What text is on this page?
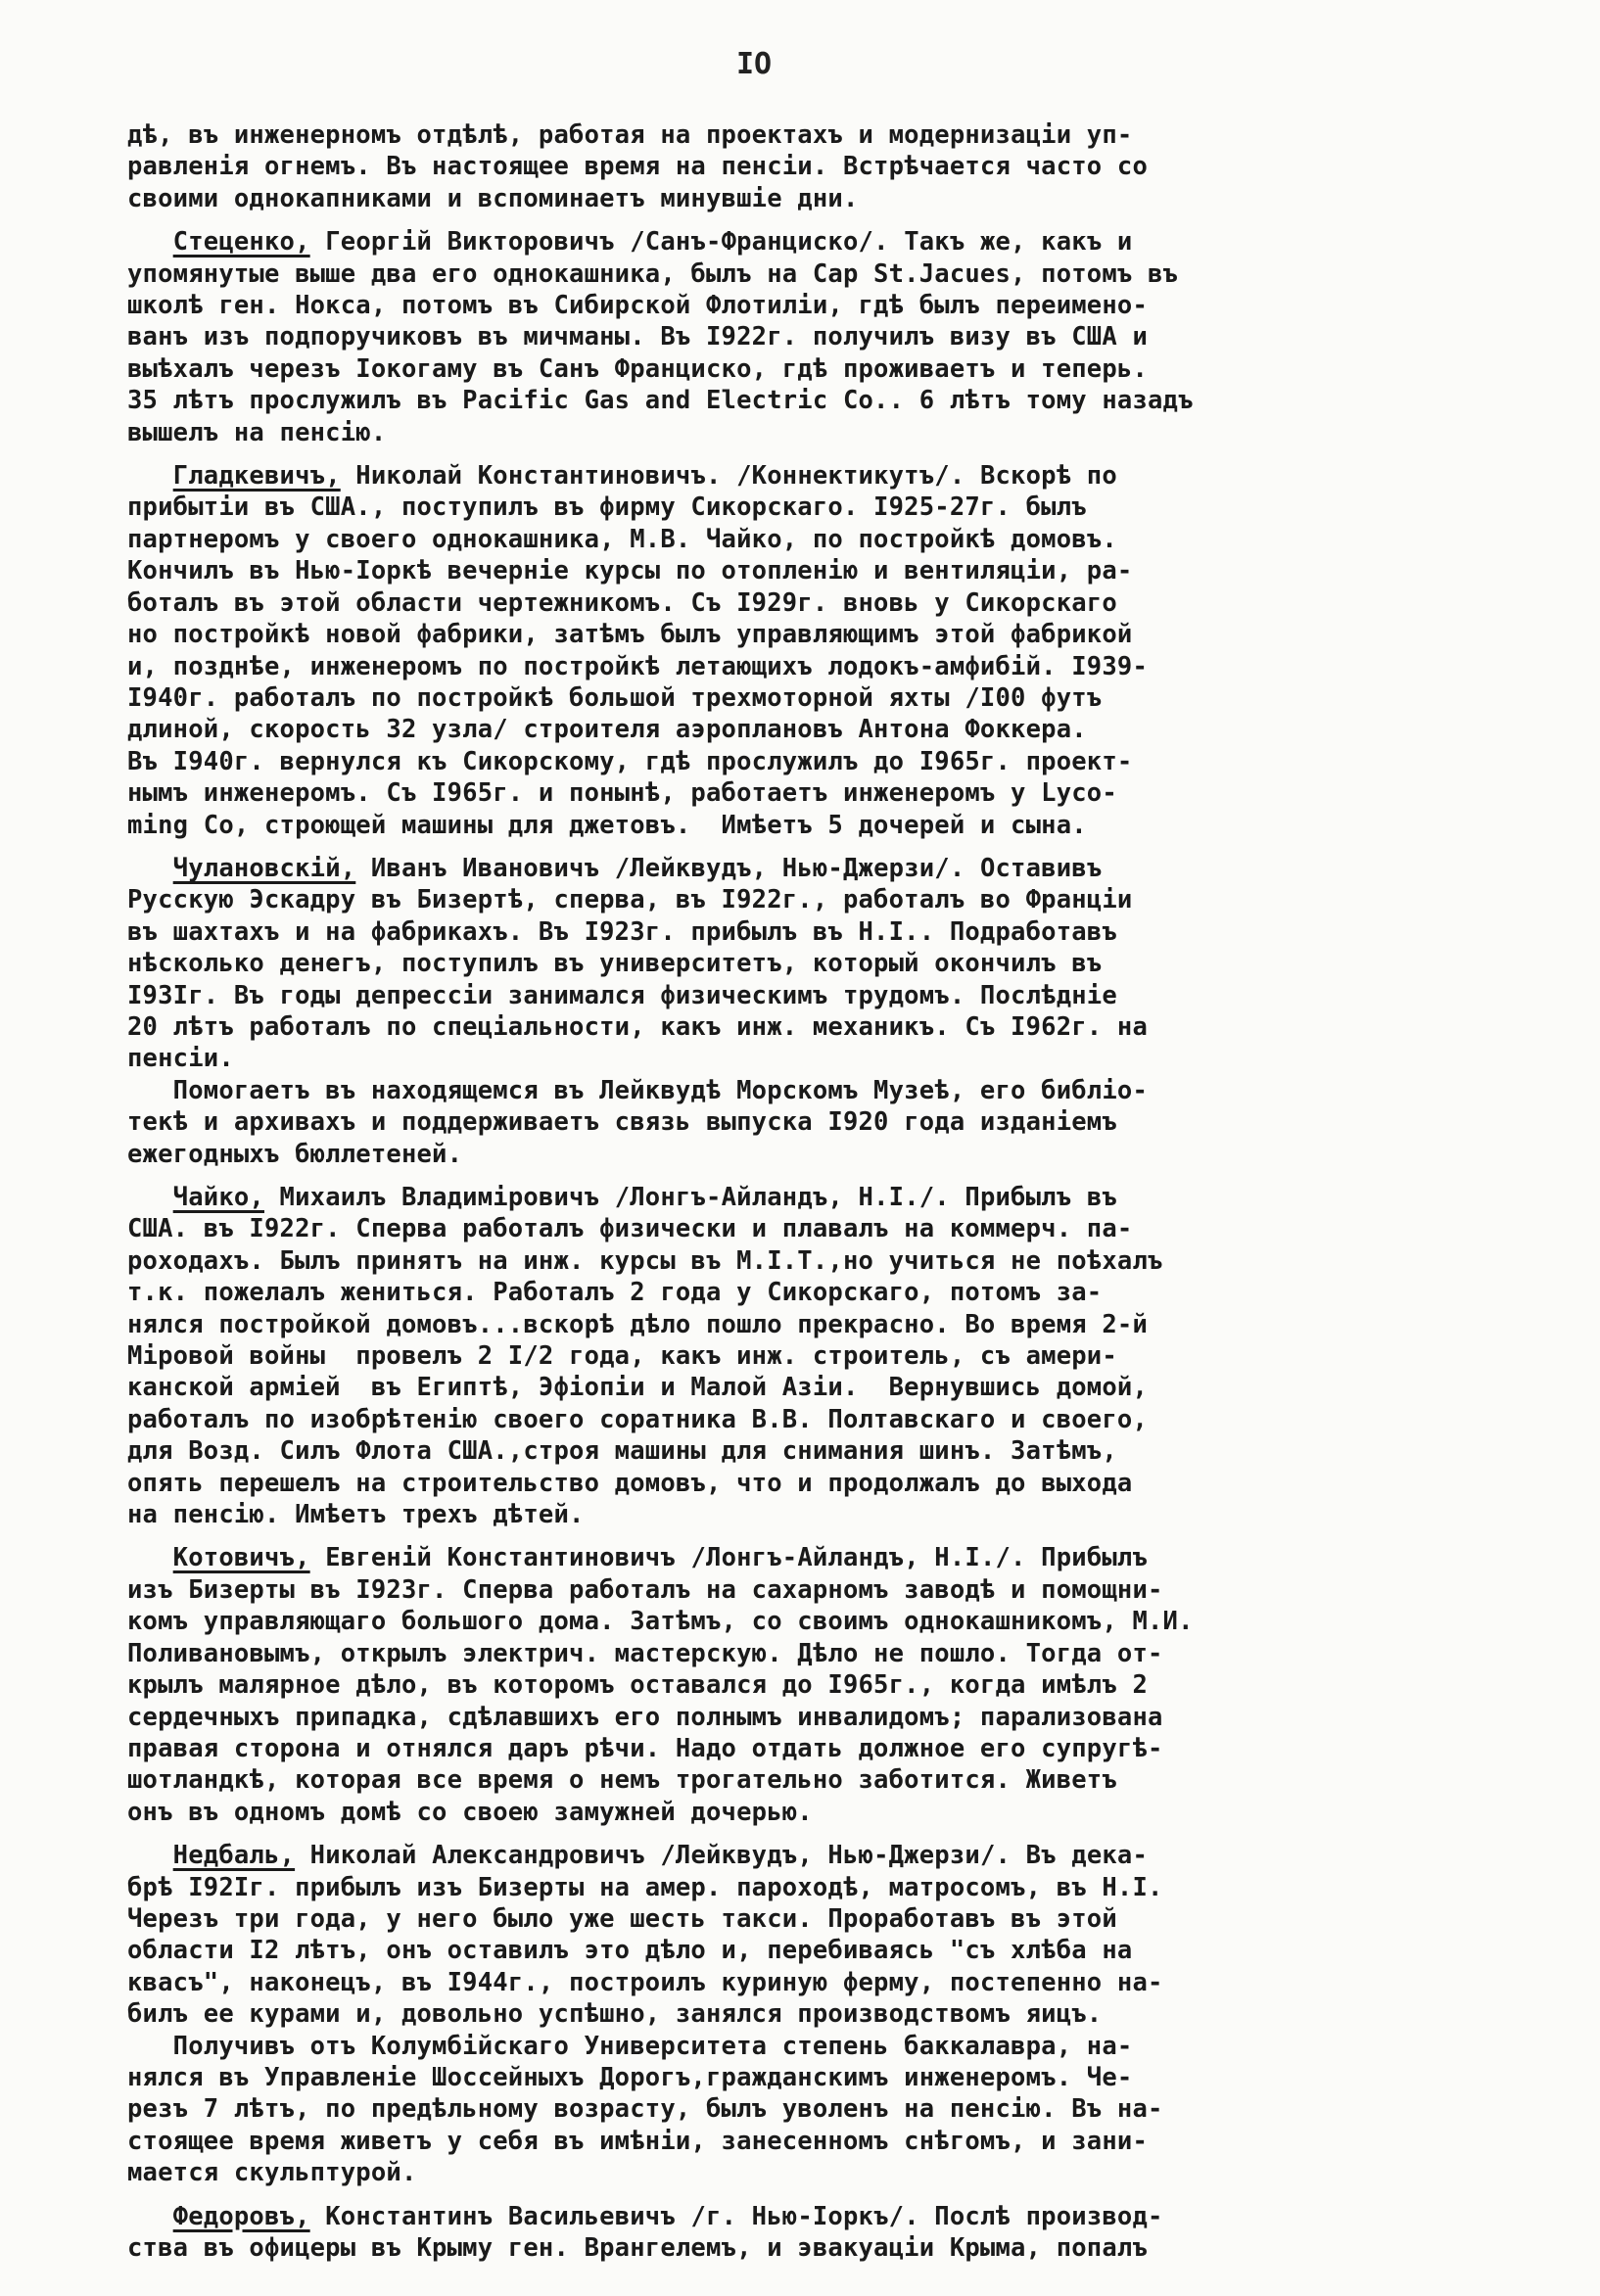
IO
дѣ, въ инженерномъ отдѣлѣ, работая на проектахъ и модернизацiи уп-
равленiя огнемъ. Въ настоящее время на пенсiи. Встрѣчается часто со
своими однокапниками и вспоминаетъ минувшiе дни.
Стеценко, Георгiй Викторовичъ /Санъ-Франциско/. Такъ же, какъ и
упомянутые выше два его однокашника, былъ на Cap St.Jacues, потомъ въ
школѣ ген. Нокса, потомъ въ Сибирской Флотилiи, гдѣ былъ переимено-
ванъ изъ подпоручиковъ въ мичманы. Въ I922г. получилъ визу въ США и
выѣхалъ черезъ Iокогаму въ Санъ Франциско, гдѣ проживаетъ и теперь.
35 лѣтъ прослужилъ въ Pacific Gas and Electric Co.. 6 лѣтъ тому назадъ
вышелъ на пенсiю.
Гладкевичъ, Николай Константиновичъ. /Коннектикутъ/. Вскорѣ по
прибытiи въ США., поступилъ въ фирму Сикорскаго. I925-27г. былъ
партнеромъ у своего однокашника, М.В. Чайко, по постройкѣ домовъ.
Кончилъ въ Нью-Iоркѣ вечернiе курсы по отопленiю и вентиляцiи, ра-
боталъ въ этой области чертежникомъ. Съ I929г. вновь у Сикорскаго
но постройкѣ новой фабрики, затѣмъ былъ управляющимъ этой фабрикой
и, позднѣе, инженеромъ по постройкѣ летающихъ лодокъ-амфибiй. I939-
I940г. работалъ по постройкѣ большой трехмоторной яхты /I00 футъ
длиной, скорость 32 узла/ строителя аэроплановъ Антона Фоккера.
Въ I940г. вернулся къ Сикорскому, гдѣ прослужилъ до I965г. проект-
нымъ инженеромъ. Съ I965г. и понынѣ, работаетъ инженеромъ у Lyco-
ming Co, строющей машины для джетовъ.  Имѣетъ 5 дочерей и сына.
Чулановскiй, Иванъ Ивановичъ /Лейквудъ, Нью-Джерзи/. Оставивъ
Русскую Эскадру въ Бизертѣ, сперва, въ I922г., работалъ во Францiи
въ шахтахъ и на фабрикахъ. Въ I923г. прибылъ въ Н.I.. Подработавъ
нѣсколько денегъ, поступилъ въ университетъ, который окончилъ въ
I93Iг. Въ годы депрессiи занимался физическимъ трудомъ. Послѣднiе
20 лѣтъ работалъ по спецiальности, какъ инж. механикъ. Съ I962г. на
пенсiи.
Помогаетъ въ находящемся въ Лейквудѣ Морскомъ Музеѣ, его библiо-
текѣ и архивахъ и поддерживаетъ связь выпуска I920 года изданiемъ
ежегодныхъ бюллетеней.
Чайко, Михаилъ Владимiровичъ /Лонгъ-Айландъ, Н.I./. Прибылъ въ
США. въ I922г. Сперва работалъ физически и плавалъ на коммерч. па-
роходахъ. Былъ принятъ на инж. курсы въ M.I.T.,но учиться не поѣхалъ
т.к. пожелалъ жениться. Работалъ 2 года у Сикорскаго, потомъ за-
нялся постройкой домовъ...вскорѣ дѣло пошло прекрасно. Во время 2-й
Мiровой войны  провелъ 2 I/2 года, какъ инж. строитель, съ амери-
канской армiей  въ Египтѣ, Эфiопiи и Малой Азiи.  Вернувшись домой,
работалъ по изобрѣтенiю своего соратника В.В. Полтавскаго и своего,
для Возд. Силъ Флота США.,строя машины для снимания шинъ. Затѣмъ,
опять перешелъ на строительство домовъ, что и продолжалъ до выхода
на пенсiю. Имѣетъ трехъ дѣтей.
Котовичъ, Евгенiй Константиновичъ /Лонгъ-Айландъ, Н.I./. Прибылъ
изъ Бизерты въ I923г. Сперва работалъ на сахарномъ заводѣ и помощни-
комъ управляющаго большого дома. Затѣмъ, со своимъ однокашникомъ, М.И.
Поливановымъ, открылъ электрич. мастерскую. Дѣло не пошло. Тогда от-
крылъ малярное дѣло, въ которомъ оставался до I965г., когда имѣлъ 2
сердечныхъ припадка, сдѣлавшихъ его полнымъ инвалидомъ; парализована
правая сторона и отнялся даръ рѣчи. Надо отдать должное его супругѣ-
шотландкѣ, которая все время о немъ трогательно заботится. Живетъ
онъ въ одномъ домѣ со своею замужней дочерью.
Недбаль, Николай Александровичъ /Лейквудъ, Нью-Джерзи/. Въ дека-
брѣ I92Iг. прибылъ изъ Бизерты на амер. пароходѣ, матросомъ, въ Н.I.
Черезъ три года, у него было уже шесть такси. Проработавъ въ этой
области I2 лѣтъ, онъ оставилъ это дѣло и, перебиваясь "съ хлѣба на
квасъ", наконецъ, въ I944г., построилъ куриную ферму, постепенно на-
билъ ее курами и, довольно успѣшно, занялся производствомъ яицъ.
Получивъ отъ Колумбiйскаго Университета степень баккалавра, на-
нялся въ Управленiе Шоссейныхъ Дорогъ,гражданскимъ инженеромъ. Че-
резъ 7 лѣтъ, по предѣльному возрасту, былъ уволенъ на пенсiю. Въ на-
стоящее время живетъ у себя въ имѣнiи, занесенномъ снѣгомъ, и зани-
мается скульптурой.
Федоровъ, Константинъ Васильевичъ /г. Нью-Iоркъ/. Послѣ производ-
ства въ офицеры въ Крыму ген. Врангелемъ, и эвакуацiи Крыма, попалъ
